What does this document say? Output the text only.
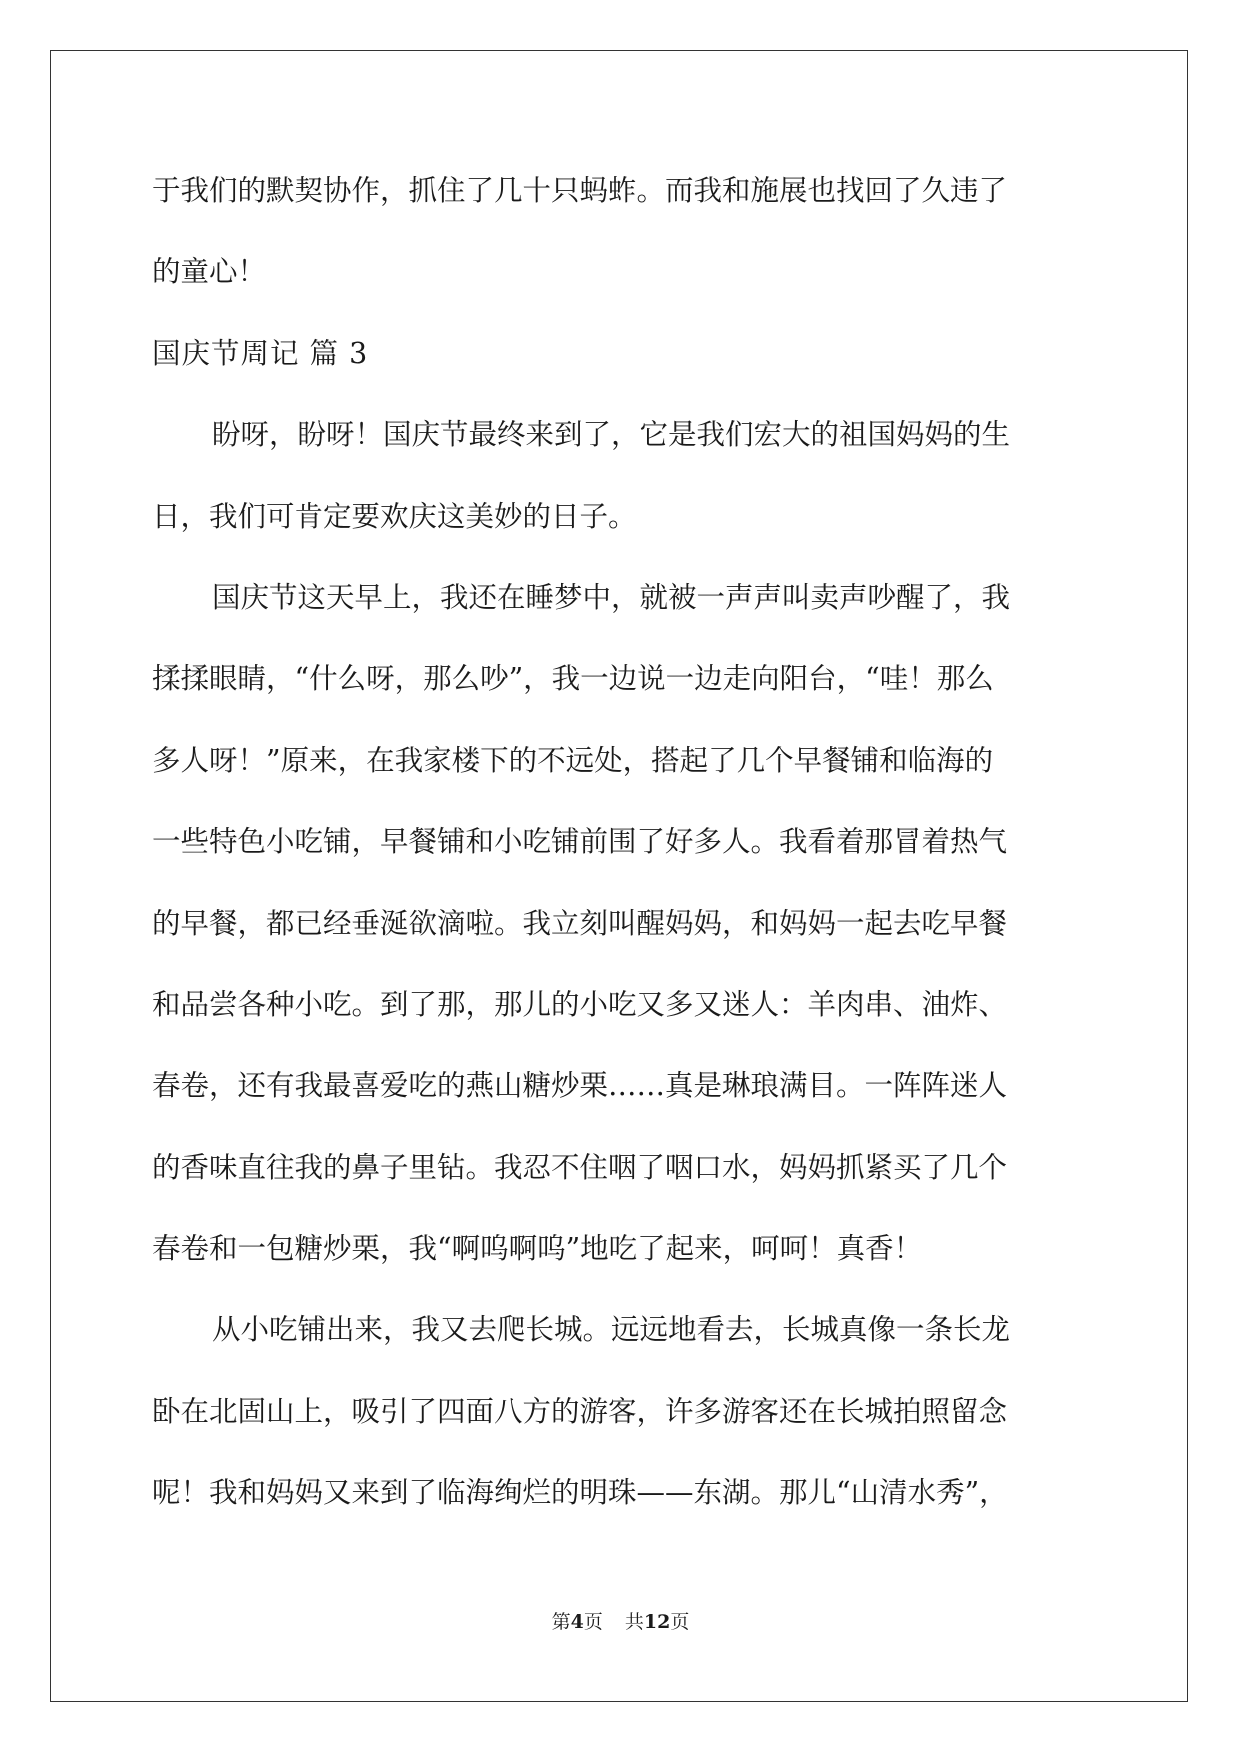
于我们的默契协作，抓住了几十只蚂蚱。而我和施展也找回了久违了
的童心！
国庆节周记 篇 3
盼呀，盼呀！国庆节最终来到了，它是我们宏大的祖国妈妈的生
日，我们可肯定要欢庆这美妙的日子。
国庆节这天早上，我还在睡梦中，就被一声声叫卖声吵醒了，我
揉揉眼睛，“什么呀，那么吵”，我一边说一边走向阳台，“哇！那么
多人呀！”原来，在我家楼下的不远处，搭起了几个早餐铺和临海的
一些特色小吃铺，早餐铺和小吃铺前围了好多人。我看着那冒着热气
的早餐，都已经垂涎欲滴啦。我立刻叫醒妈妈，和妈妈一起去吃早餐
和品尝各种小吃。到了那，那儿的小吃又多又迷人：羊肉串、油炸、
春卷，还有我最喜爱吃的燕山糖炒栗……真是琳琅满目。一阵阵迷人
的香味直往我的鼻子里钻。我忍不住咽了咽口水，妈妈抓紧买了几个
春卷和一包糖炒栗，我“啊呜啊呜”地吃了起来，呵呵！真香！
从小吃铺出来，我又去爬长城。远远地看去，长城真像一条长龙
卧在北固山上，吸引了四面八方的游客，许多游客还在长城拍照留念
呢！我和妈妈又来到了临海绚烂的明珠——东湖。那儿“山清水秀”，
第4页 共12页
